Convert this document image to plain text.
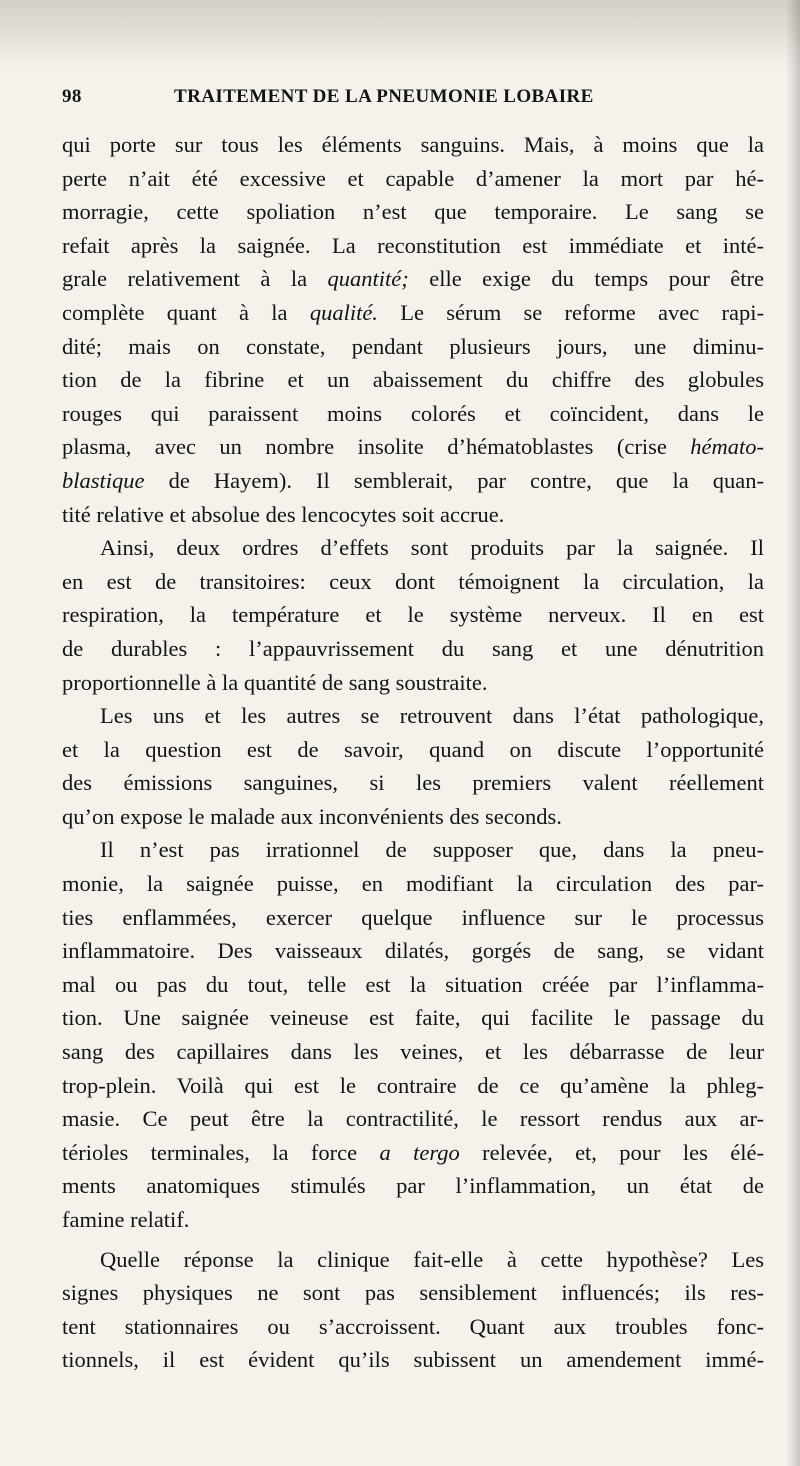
98	TRAITEMENT DE LA PNEUMONIE LOBAIRE
qui porte sur tous les éléments sanguins. Mais, à moins que la
perte n’ait été excessive et capable d’amener la mort par hé-
morragie, cette spoliation n’est que temporaire. Le sang se
refait après la saignée. La reconstitution est immédiate et inté-
grale relativement à la quantité; elle exige du temps pour être
complète quant à la qualité. Le sérum se reforme avec rapi-
dité; mais on constate, pendant plusieurs jours, une diminu-
tion de la fibrine et un abaissement du chiffre des globules
rouges qui paraissent moins colorés et coïncident, dans le
plasma, avec un nombre insolite d’hématoblastes (crise hémato-
blastique de Hayem). Il semblerait, par contre, que la quan-
tité relative et absolue des lencocytes soit accrue.
Ainsi, deux ordres d’effets sont produits par la saignée. Il
en est de transitoires: ceux dont témoignent la circulation, la
respiration, la température et le système nerveux. Il en est
de durables : l’appauvrissement du sang et une dénutrition
proportionnelle à la quantité de sang soustraite.
Les uns et les autres se retrouvent dans l’état pathologique,
et la question est de savoir, quand on discute l’opportunité
des émissions sanguines, si les premiers valent réellement
qu’on expose le malade aux inconvénients des seconds.
Il n’est pas irrationnel de supposer que, dans la pneu-
monie, la saignée puisse, en modifiant la circulation des par-
ties enflammées, exercer quelque influence sur le processus
inflammatoire. Des vaisseaux dilatés, gorgés de sang, se vidant
mal ou pas du tout, telle est la situation créée par l’inflamma-
tion. Une saignée veineuse est faite, qui facilite le passage du
sang des capillaires dans les veines, et les débarrasse de leur
trop-plein. Voilà qui est le contraire de ce qu’amène la phleg-
masie. Ce peut être la contractilité, le ressort rendus aux ar-
térioles terminales, la force a tergo relevée, et, pour les élé-
ments anatomiques stimulés par l’inflammation, un état de
famine relatif.
Quelle réponse la clinique fait-elle à cette hypothèse? Les
signes physiques ne sont pas sensiblement influencés; ils res-
tent stationnaires ou s’accroissent. Quant aux troubles fonc-
tionnels, il est évident qu’ils subissent un amendement immé-
